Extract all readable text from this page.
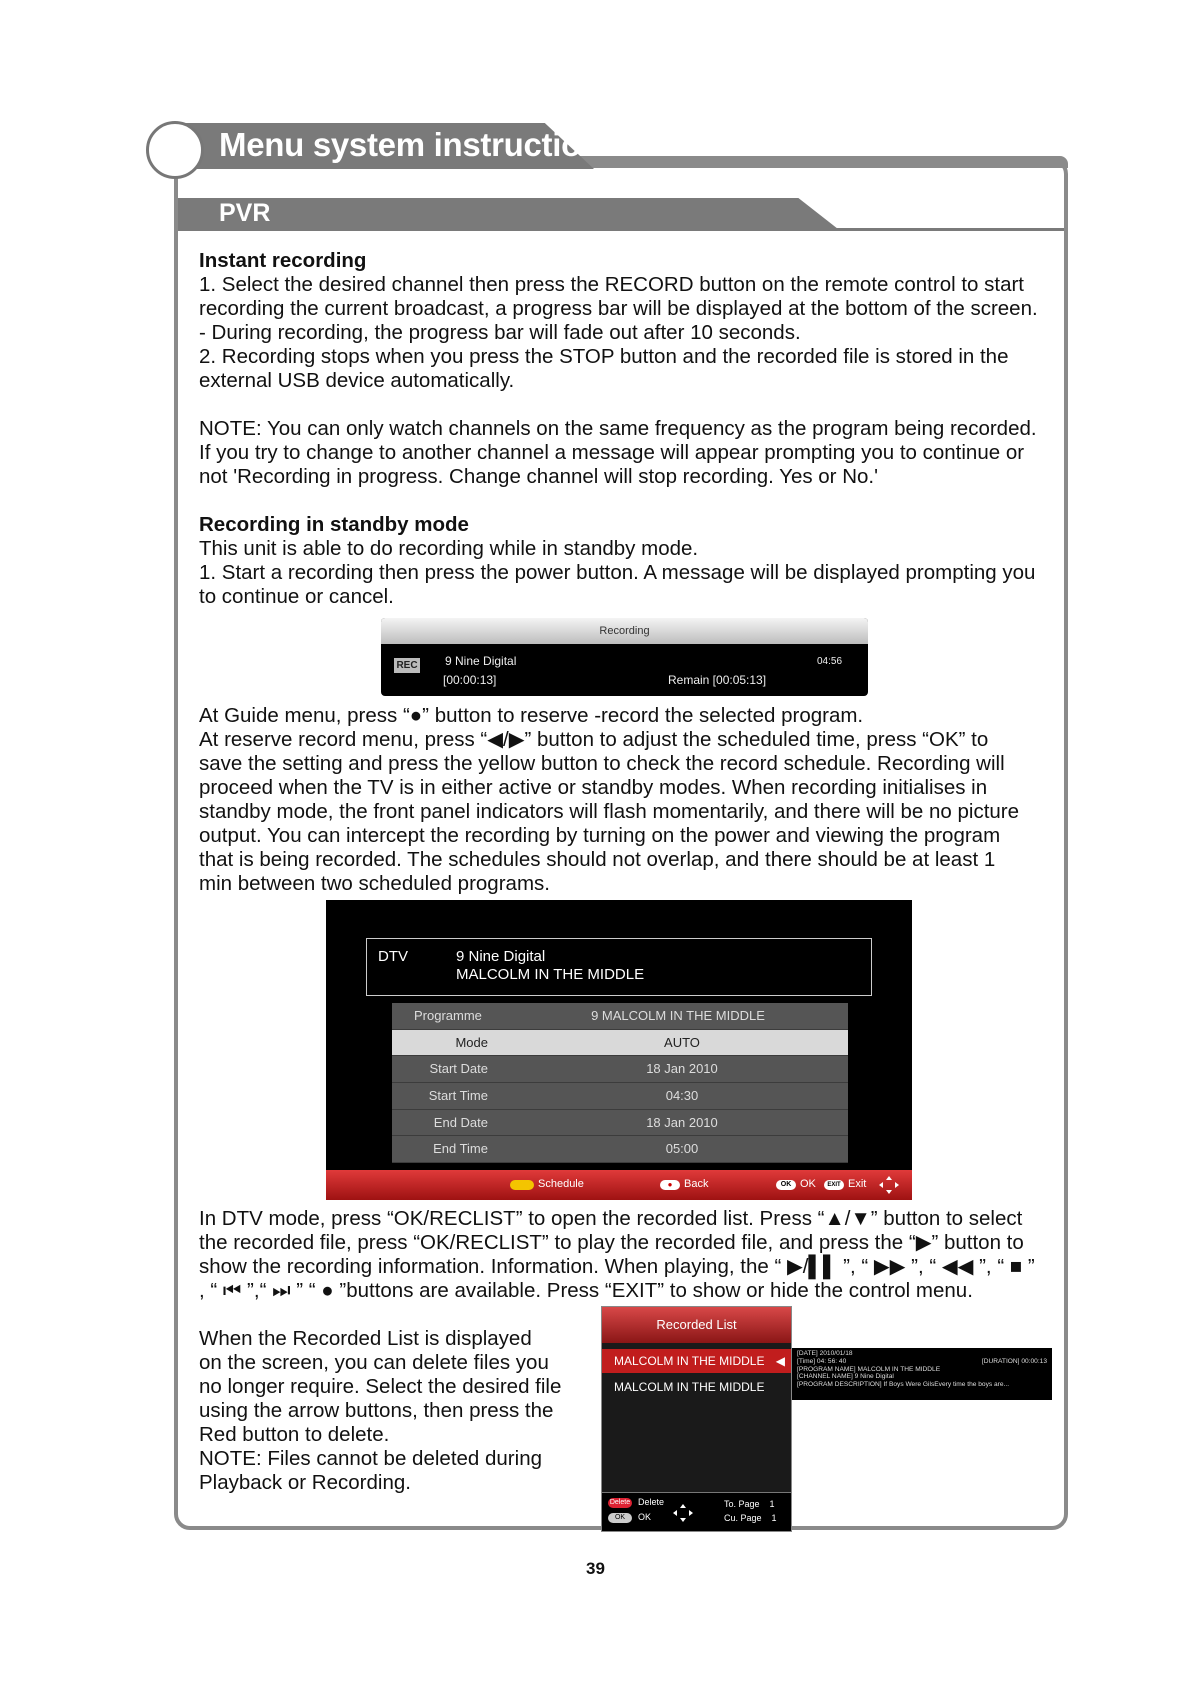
Menu system instruction
PVR

Instant recording

1. Select the desired channel then press the RECORD button on the remote control to start

recording the current broadcast, a progress bar will be displayed at the bottom of the screen.

- During recording, the progress bar will fade out after 10 seconds.

2. Recording stops when you press the STOP button and the recorded file is stored in the

external USB device automatically.

NOTE: You can only watch channels on the same frequency as the program being recorded.

If you try to change to another channel a message will appear prompting you to continue or

not 'Recording in progress. Change channel will stop recording. Yes or No.'

Recording in standby mode

This unit is able to do recording while in standby mode.

1. Start a recording then press the power button. A message will be displayed prompting you

to continue or cancel.

Recording
REC 9 Nine Digital	04:56
[00:00:13]	Remain [00:05:13]

At Guide menu, press “●” button to reserve -record the selected program.

At reserve record menu, press “◀/▶” button to adjust the scheduled time, press “OK” to

save the setting and press the yellow button to check the record schedule. Recording will

proceed when the TV is in either active or standby modes. When recording initialises in

standby mode, the front panel indicators will flash momentarily, and there will be no picture

output. You can intercept the recording by turning on the power and viewing the program

that is being recorded. The schedules should not overlap, and there should be at least 1

min between two scheduled programs.

DTV	9 Nine Digital
MALCOLM IN THE MIDDLE
Programme	9 MALCOLM IN THE MIDDLE
Mode	AUTO
Start Date	18 Jan 2010
Start Time	04:30
End Date	18 Jan 2010
End Time	05:00
Schedule	●	Back	OK OK	EXIT Exit

In DTV mode, press “OK/RECLIST” to open the recorded list. Press “▲/▼” button to select

the recorded file, press “OK/RECLIST” to play the recorded file, and press the “▶” button to

show the recording information. Information. When playing, the “ ▶/▌▌ ”, “ ▶▶ ”, “ ◀◀ ”, “ ■ ”

, “ ⏮ ”,“ ⏭ ” “ ● ”buttons are available. Press “EXIT” to show or hide the control menu.

When the Recorded List is displayed

on the screen, you can delete files you

no longer require. Select the desired file

using the arrow buttons, then press the

Red button to delete.

NOTE: Files cannot be deleted during

Playback or Recording.

Recorded List
MALCOLM IN THE MIDDLE ◀
MALCOLM IN THE MIDDLE
Delete Delete
OK	OK
To. Page    1
Cu. Page    1
[DATE] 2010/01/18
[Time] 04: 56: 40	[DURATION] 00:00:13
[PROGRAM NAME] MALCOLM IN THE MIDDLE
[CHANNEL NAME] 9 Nine Digital
[PROGRAM DESCRIPTION] If Boys Were GilsEvery time the boys are...
39
